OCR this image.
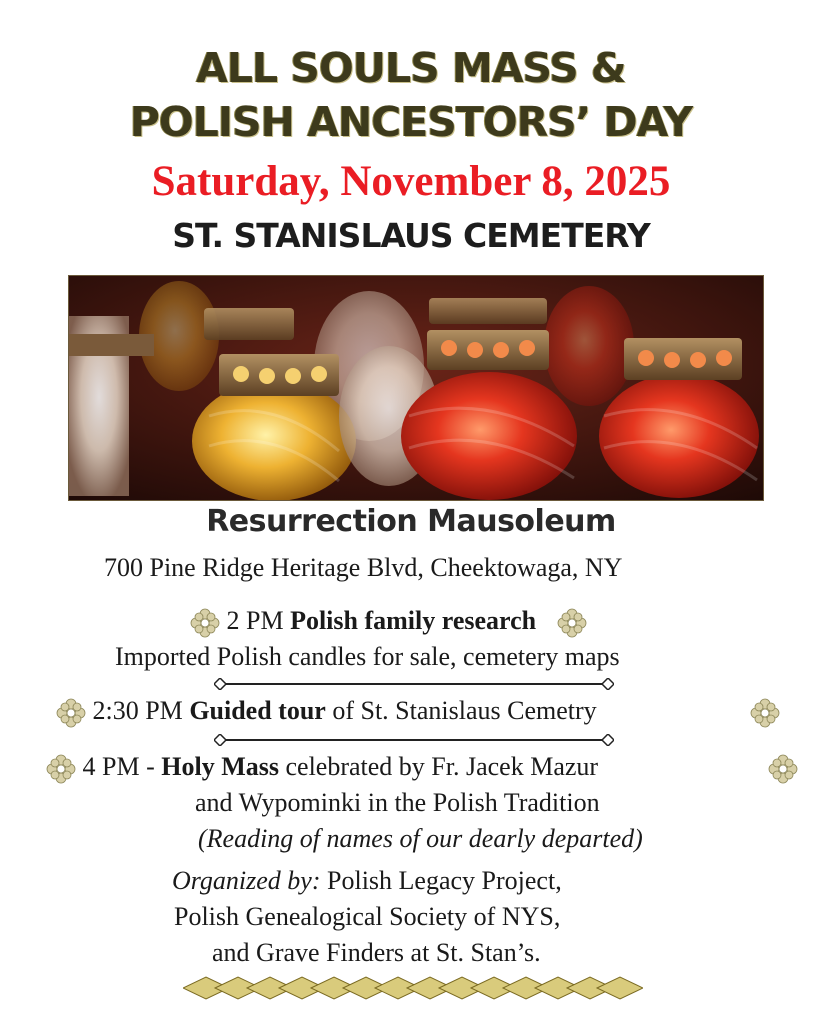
ALL SOULS MASS &
POLISH ANCESTORS’ DAY
Saturday, November 8, 2025
ST. STANISLAUS CEMETERY
Resurrection Mausoleum
700 Pine Ridge Heritage Blvd, Cheektowaga, NY
2 PM Polish family research
Imported Polish candles for sale, cemetery maps
2:30 PM Guided tour of St. Stanislaus Cemetry
4 PM - Holy Mass celebrated by Fr. Jacek Mazur
and Wypominki in the Polish Tradition
(Reading of names of our dearly departed)
Organized by: Polish Legacy Project,
Polish Genealogical Society of NYS,
and Grave Finders at St. Stan’s.
